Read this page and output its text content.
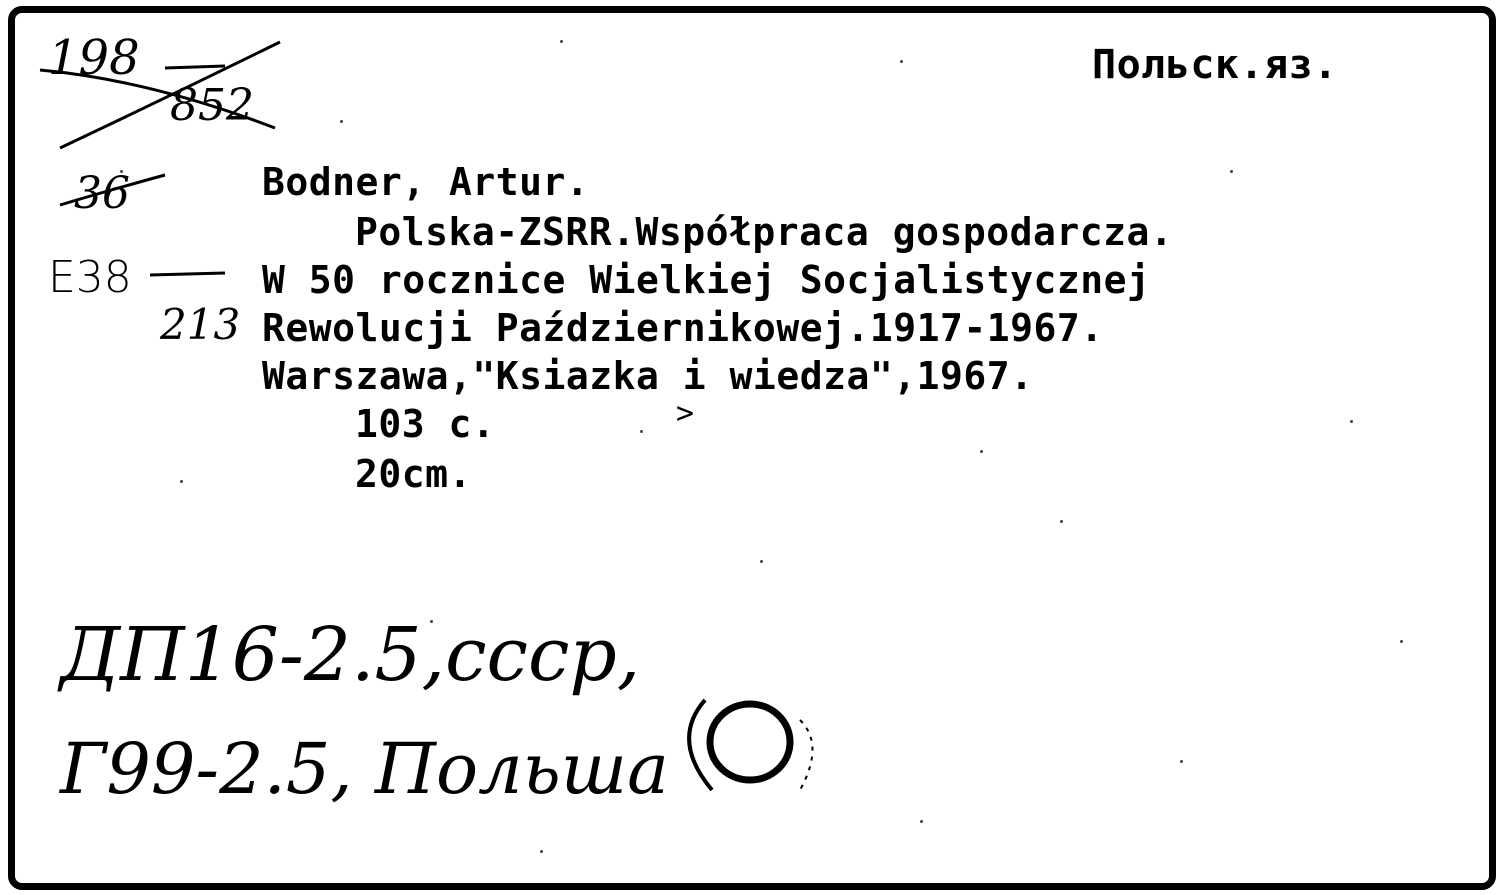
Польск.яз.
198
852
36
Е38
213
Bodner, Artur.
Polska-ZSRR.Współpraca gospodarcza.
W 50 rocznice Wielkiej Socjalistycznej
Rewolucji Październikowej.1917-1967.
Warszawa,"Ksiazka i wiedza",1967.
103 c.
20cm.
>
ДП16-2.5,ссср,
Г99-2.5, Польша
